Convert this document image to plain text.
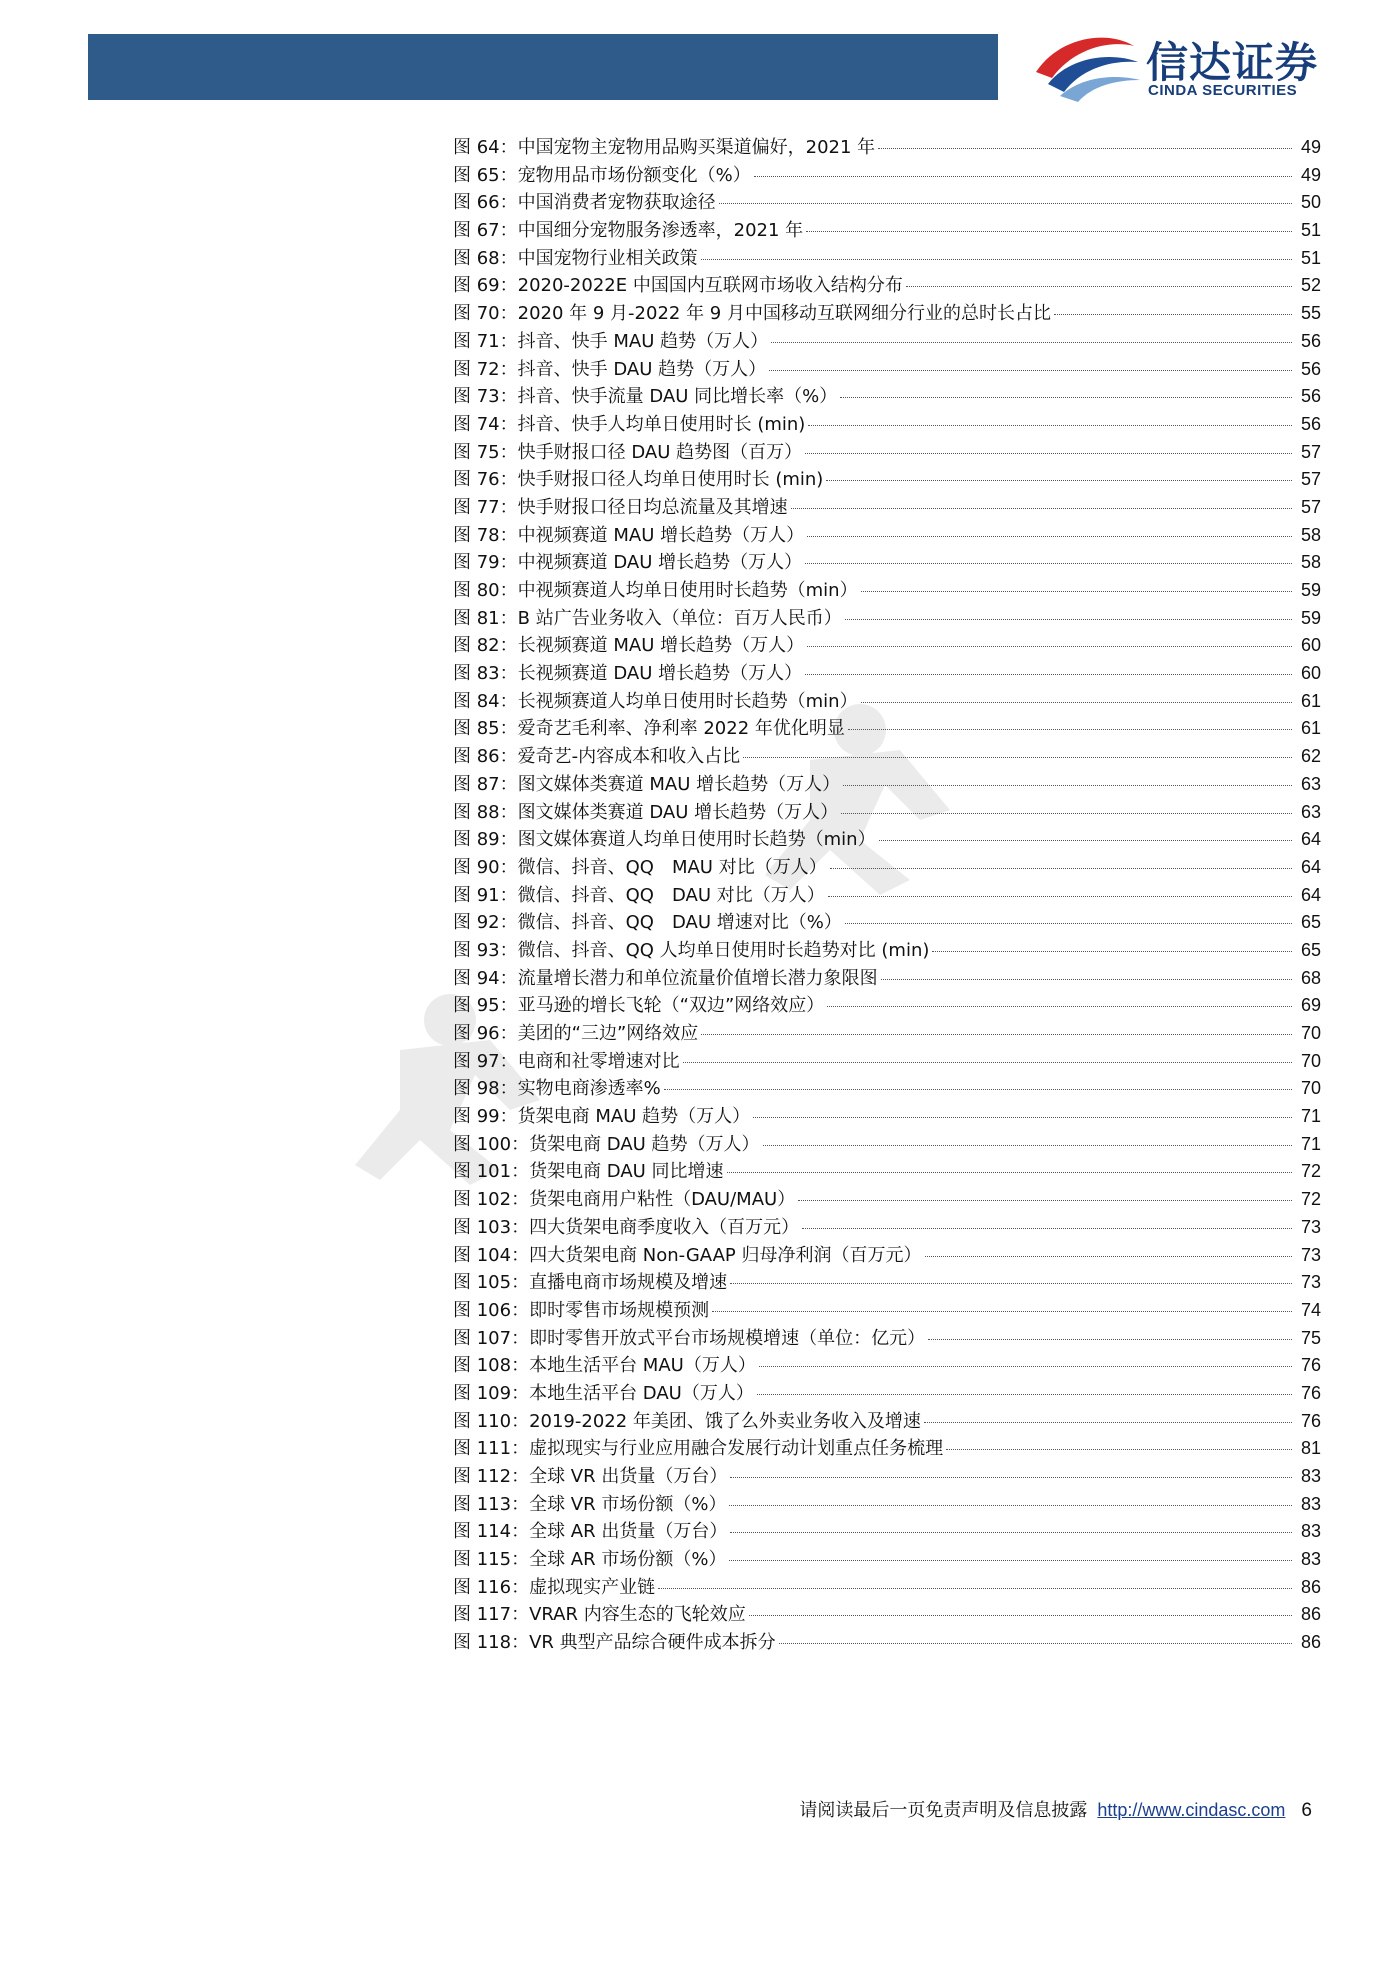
信达证券
CINDA SECURITIES
图 64：中国宠物主宠物用品购买渠道偏好，2021 年	49
图 65：宠物用品市场份额变化（%）	49
图 66：中国消费者宠物获取途径	50
图 67：中国细分宠物服务渗透率，2021 年	51
图 68：中国宠物行业相关政策	51
图 69：2020-2022E 中国国内互联网市场收入结构分布	52
图 70：2020 年 9 月-2022 年 9 月中国移动互联网细分行业的总时长占比	55
图 71：抖音、快手 MAU 趋势（万人）	56
图 72：抖音、快手 DAU 趋势（万人）	56
图 73：抖音、快手流量 DAU 同比增长率（%）	56
图 74：抖音、快手人均单日使用时长 (min)	56
图 75：快手财报口径 DAU 趋势图（百万）	57
图 76：快手财报口径人均单日使用时长 (min)	57
图 77：快手财报口径日均总流量及其增速	57
图 78：中视频赛道 MAU 增长趋势（万人）	58
图 79：中视频赛道 DAU 增长趋势（万人）	58
图 80：中视频赛道人均单日使用时长趋势（min）	59
图 81：B 站广告业务收入（单位：百万人民币）	59
图 82：长视频赛道 MAU 增长趋势（万人）	60
图 83：长视频赛道 DAU 增长趋势（万人）	60
图 84：长视频赛道人均单日使用时长趋势（min）	61
图 85：爱奇艺毛利率、净利率 2022 年优化明显	61
图 86：爱奇艺-内容成本和收入占比	62
图 87：图文媒体类赛道 MAU 增长趋势（万人）	63
图 88：图文媒体类赛道 DAU 增长趋势（万人）	63
图 89：图文媒体赛道人均单日使用时长趋势（min）	64
图 90：微信、抖音、QQ　MAU 对比（万人）	64
图 91：微信、抖音、QQ　DAU 对比（万人）	64
图 92：微信、抖音、QQ　DAU 增速对比（%）	65
图 93：微信、抖音、QQ 人均单日使用时长趋势对比 (min)	65
图 94：流量增长潜力和单位流量价值增长潜力象限图	68
图 95：亚马逊的增长飞轮（“双边”网络效应）	69
图 96：美团的“三边”网络效应	70
图 97：电商和社零增速对比	70
图 98：实物电商渗透率%	70
图 99：货架电商 MAU 趋势（万人）	71
图 100：货架电商 DAU 趋势（万人）	71
图 101：货架电商 DAU 同比增速	72
图 102：货架电商用户粘性（DAU/MAU）	72
图 103：四大货架电商季度收入（百万元）	73
图 104：四大货架电商 Non-GAAP 归母净利润（百万元）	73
图 105：直播电商市场规模及增速	73
图 106：即时零售市场规模预测	74
图 107：即时零售开放式平台市场规模增速（单位：亿元）	75
图 108：本地生活平台 MAU（万人）	76
图 109：本地生活平台 DAU（万人）	76
图 110：2019-2022 年美团、饿了么外卖业务收入及增速	76
图 111：虚拟现实与行业应用融合发展行动计划重点任务梳理	81
图 112：全球 VR 出货量（万台）	83
图 113：全球 VR 市场份额（%）	83
图 114：全球 AR 出货量（万台）	83
图 115：全球 AR 市场份额（%）	83
图 116：虚拟现实产业链	86
图 117：VRAR 内容生态的飞轮效应	86
图 118：VR 典型产品综合硬件成本拆分	86
请阅读最后一页免责声明及信息披露 http://www.cindasc.com 6
